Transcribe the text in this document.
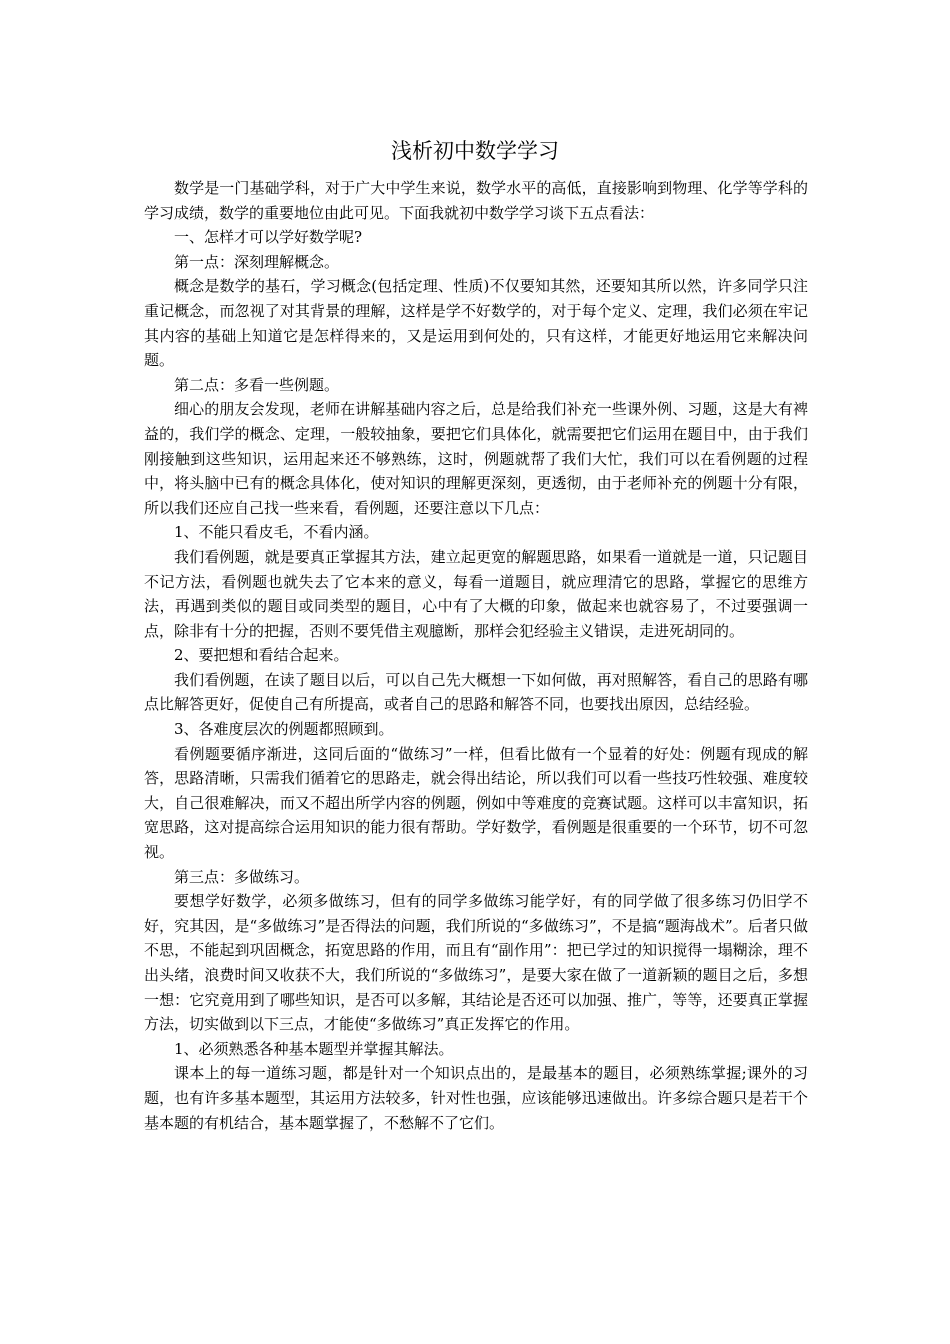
浅析初中数学学习

数学是一门基础学科，对于广大中学生来说，数学水平的高低，直接影响到物理、化学等学科的学习成绩，数学的重要地位由此可见。下面我就初中数学学习谈下五点看法：

一、怎样才可以学好数学呢?

第一点：深刻理解概念。

概念是数学的基石，学习概念(包括定理、性质)不仅要知其然，还要知其所以然，许多同学只注重记概念，而忽视了对其背景的理解，这样是学不好数学的，对于每个定义、定理，我们必须在牢记其内容的基础上知道它是怎样得来的，又是运用到何处的，只有这样，才能更好地运用它来解决问题。

第二点：多看一些例题。

细心的朋友会发现，老师在讲解基础内容之后，总是给我们补充一些课外例、习题，这是大有裨益的，我们学的概念、定理，一般较抽象，要把它们具体化，就需要把它们运用在题目中，由于我们刚接触到这些知识，运用起来还不够熟练，这时，例题就帮了我们大忙，我们可以在看例题的过程中，将头脑中已有的概念具体化，使对知识的理解更深刻，更透彻，由于老师补充的例题十分有限，所以我们还应自己找一些来看，看例题，还要注意以下几点：

1、不能只看皮毛，不看内涵。

我们看例题，就是要真正掌握其方法，建立起更宽的解题思路，如果看一道就是一道，只记题目不记方法，看例题也就失去了它本来的意义，每看一道题目，就应理清它的思路，掌握它的思维方法，再遇到类似的题目或同类型的题目，心中有了大概的印象，做起来也就容易了，不过要强调一点，除非有十分的把握，否则不要凭借主观臆断，那样会犯经验主义错误，走进死胡同的。

2、要把想和看结合起来。

我们看例题，在读了题目以后，可以自己先大概想一下如何做，再对照解答，看自己的思路有哪点比解答更好，促使自己有所提高，或者自己的思路和解答不同，也要找出原因，总结经验。

3、各难度层次的例题都照顾到。

看例题要循序渐进，这同后面的“做练习”一样，但看比做有一个显着的好处：例题有现成的解答，思路清晰，只需我们循着它的思路走，就会得出结论，所以我们可以看一些技巧性较强、难度较大，自己很难解决，而又不超出所学内容的例题，例如中等难度的竞赛试题。这样可以丰富知识，拓宽思路，这对提高综合运用知识的能力很有帮助。学好数学，看例题是很重要的一个环节，切不可忽视。

第三点：多做练习。

要想学好数学，必须多做练习，但有的同学多做练习能学好，有的同学做了很多练习仍旧学不好，究其因，是“多做练习”是否得法的问题，我们所说的“多做练习”，不是搞“题海战术”。后者只做不思，不能起到巩固概念，拓宽思路的作用，而且有“副作用”：把已学过的知识搅得一塌糊涂，理不出头绪，浪费时间又收获不大，我们所说的“多做练习”，是要大家在做了一道新颖的题目之后，多想一想：它究竟用到了哪些知识，是否可以多解，其结论是否还可以加强、推广，等等，还要真正掌握方法，切实做到以下三点，才能使“多做练习”真正发挥它的作用。

1、必须熟悉各种基本题型并掌握其解法。

课本上的每一道练习题，都是针对一个知识点出的，是最基本的题目，必须熟练掌握;课外的习题，也有许多基本题型，其运用方法较多，针对性也强，应该能够迅速做出。许多综合题只是若干个基本题的有机结合，基本题掌握了，不愁解不了它们。
